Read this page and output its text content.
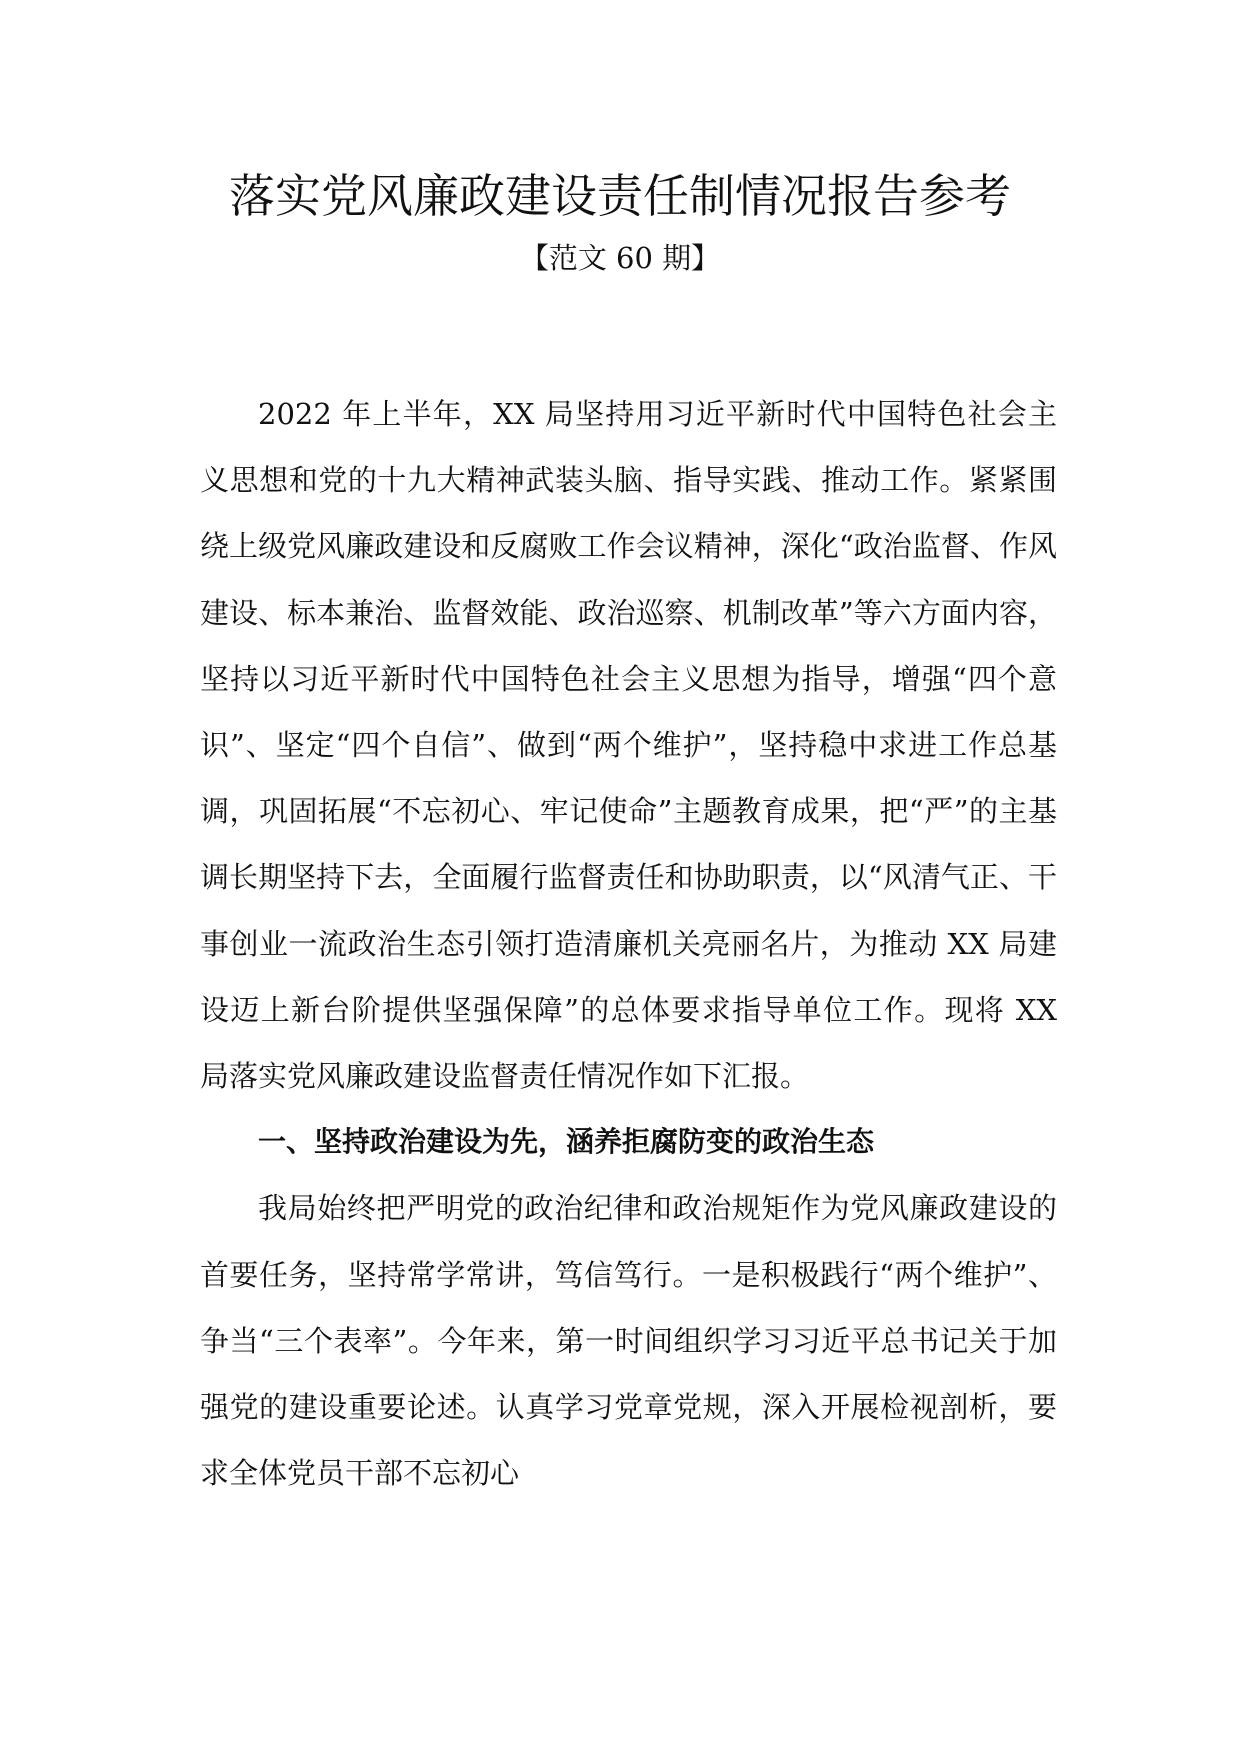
落实党风廉政建设责任制情况报告参考
【范文 60 期】

2022 年上半年，XX 局坚持用习近平新时代中国特色社会主义思想和党的十九大精神武装头脑、指导实践、推动工作。紧紧围绕上级党风廉政建设和反腐败工作会议精神，深化“政治监督、作风建设、标本兼治、监督效能、政治巡察、机制改革”等六方面内容，坚持以习近平新时代中国特色社会主义思想为指导，增强“四个意识”、坚定“四个自信”、做到“两个维护”，坚持稳中求进工作总基调，巩固拓展“不忘初心、牢记使命”主题教育成果，把“严”的主基调长期坚持下去，全面履行监督责任和协助职责，以“风清气正、干事创业一流政治生态引领打造清廉机关亮丽名片，为推动 XX 局建设迈上新台阶提供坚强保障”的总体要求指导单位工作。现将 XX 局落实党风廉政建设监督责任情况作如下汇报。

一、坚持政治建设为先，涵养拒腐防变的政治生态

我局始终把严明党的政治纪律和政治规矩作为党风廉政建设的首要任务，坚持常学常讲，笃信笃行。一是积极践行“两个维护”、争当“三个表率”。今年来，第一时间组织学习习近平总书记关于加强党的建设重要论述。认真学习党章党规，深入开展检视剖析，要求全体党员干部不忘初心
